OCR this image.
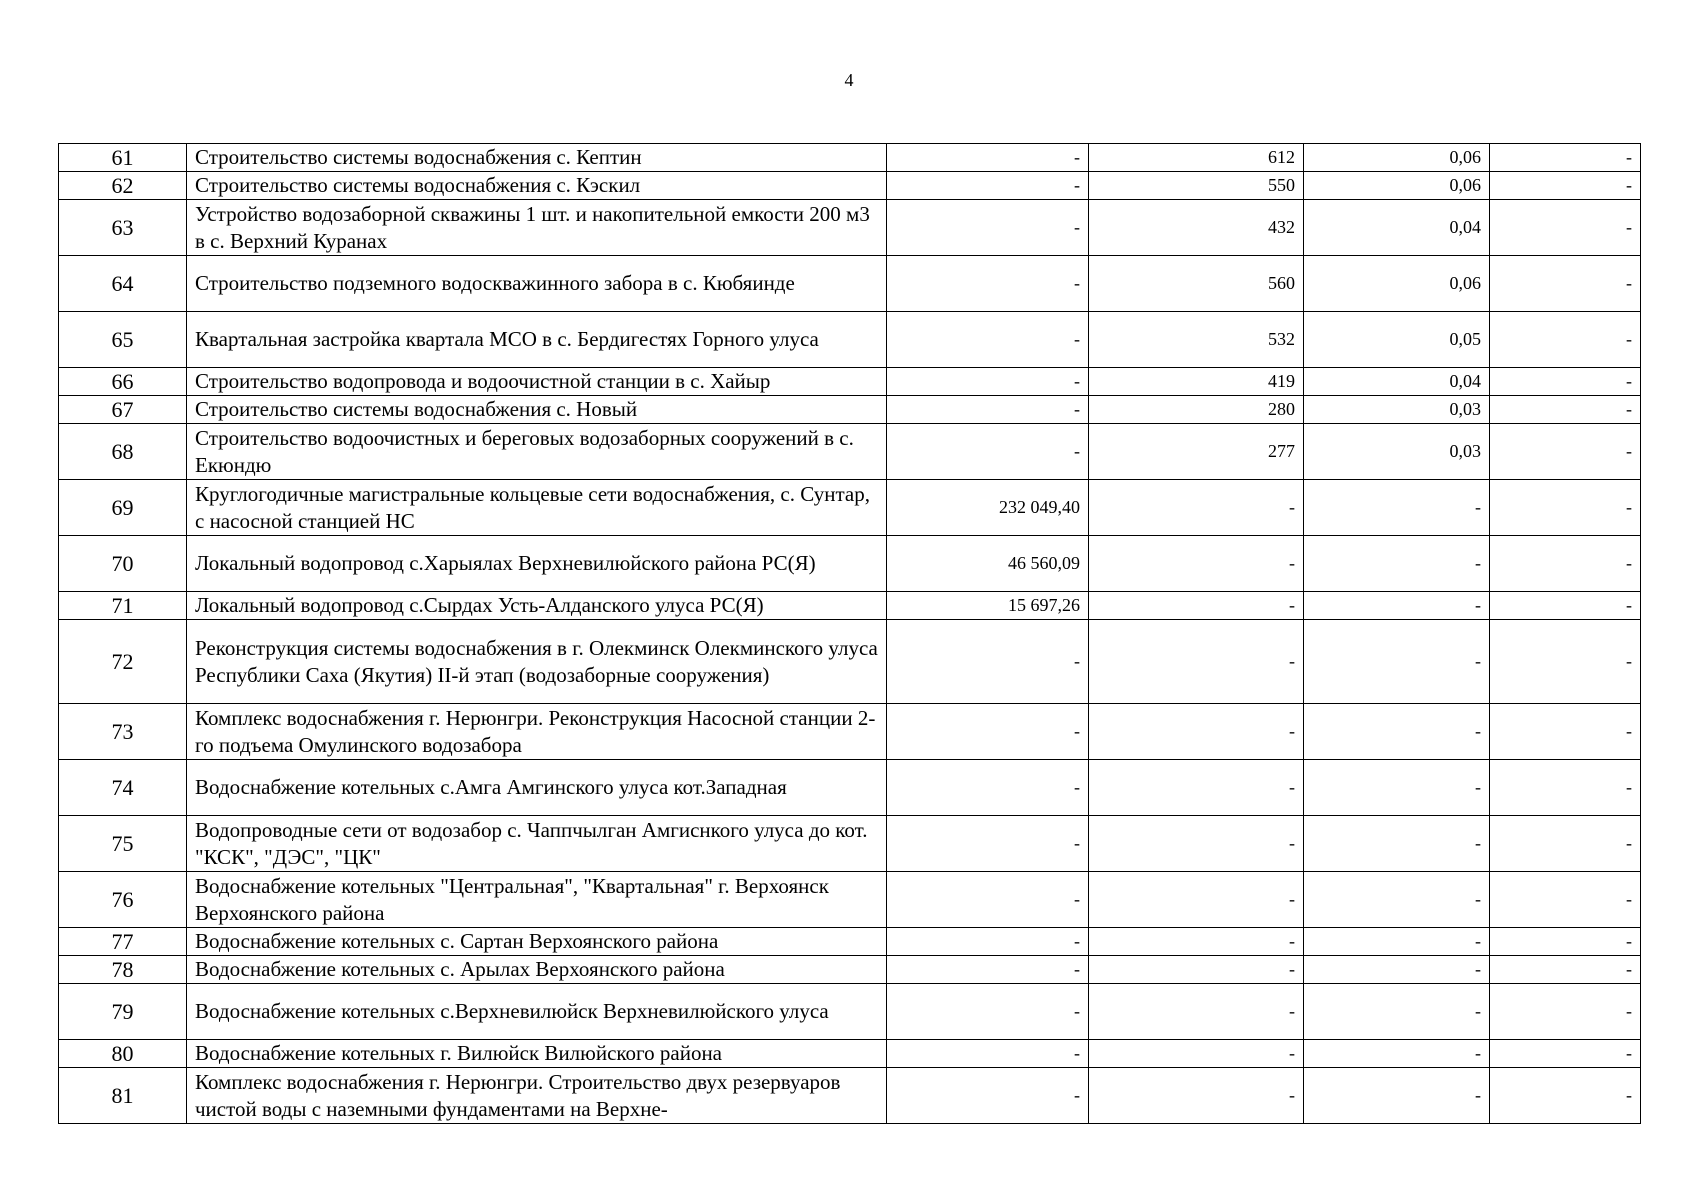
4
61	Строительство системы водоснабжения с. Кептин	-	612	0,06	-
62	Строительство системы водоснабжения с. Кэскил	-	550	0,06	-
63	Устройство водозаборной скважины 1 шт. и накопительной емкости 200 м3 в с. Верхний Куранах	-	432	0,04	-
64	Строительство подземного водоскважинного забора в с. Кюбяинде	-	560	0,06	-
65	Квартальная застройка квартала МСО в с. Бердигестях Горного улуса	-	532	0,05	-
66	Строительство водопровода и водоочистной станции в с. Хайыр	-	419	0,04	-
67	Строительство системы водоснабжения с. Новый	-	280	0,03	-
68	Строительство водоочистных и береговых водозаборных сооружений в с. Екюндю	-	277	0,03	-
69	Круглогодичные магистральные кольцевые сети водоснабжения, с. Сунтар, с насосной станцией НС	232 049,40	-	-	-
70	Локальный водопровод с.Харыялах Верхневилюйского района РС(Я)	46 560,09	-	-	-
71	Локальный водопровод с.Сырдах Усть-Алданского улуса РС(Я)	15 697,26	-	-	-
72	Реконструкция системы водоснабжения в г. Олекминск Олекминского улуса Республики Саха (Якутия) II-й этап (водозаборные сооружения)	-	-	-	-
73	Комплекс водоснабжения г. Нерюнгри. Реконструкция Насосной станции 2-го подъема Омулинского водозабора	-	-	-	-
74	Водоснабжение котельных с.Амга Амгинского улуса кот.Западная	-	-	-	-
75	Водопроводные сети от водозабор с. Чаппчылган Амгиснкого улуса до кот. "КСК", "ДЭС", "ЦК"	-	-	-	-
76	Водоснабжение котельных "Центральная", "Квартальная" г. Верхоянск Верхоянского района	-	-	-	-
77	Водоснабжение котельных с. Сартан Верхоянского района	-	-	-	-
78	Водоснабжение котельных с. Арылах Верхоянского района	-	-	-	-
79	Водоснабжение котельных с.Верхневилюйск Верхневилюйского улуса	-	-	-	-
80	Водоснабжение котельных г. Вилюйск Вилюйского района	-	-	-	-
81	Комплекс водоснабжения г. Нерюнгри. Строительство двух резервуаров чистой воды с наземными фундаментами на Верхне-	-	-	-	-
